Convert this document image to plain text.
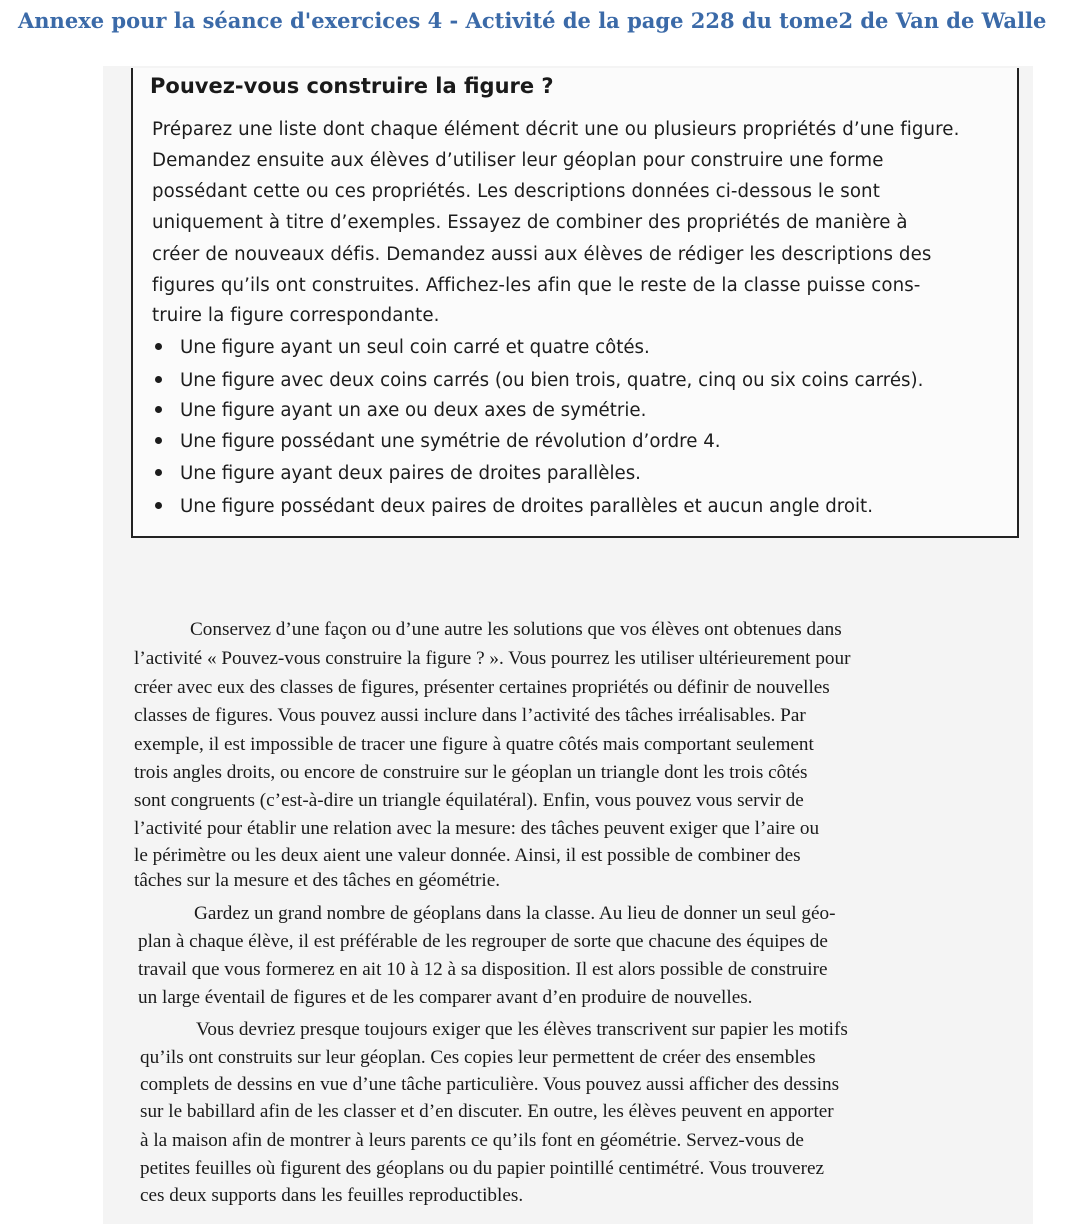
Annexe pour la séance d'exercices 4 - Activité de la page 228 du tome2 de Van de Walle
Pouvez-vous construire la figure ?
Préparez une liste dont chaque élément décrit une ou plusieurs propriétés d’une figure.
Demandez ensuite aux élèves d’utiliser leur géoplan pour construire une forme
possédant cette ou ces propriétés. Les descriptions données ci-dessous le sont
uniquement à titre d’exemples. Essayez de combiner des propriétés de manière à
créer de nouveaux défis. Demandez aussi aux élèves de rédiger les descriptions des
figures qu’ils ont construites. Affichez-les afin que le reste de la classe puisse cons-
truire la figure correspondante.
Une figure ayant un seul coin carré et quatre côtés.
Une figure avec deux coins carrés (ou bien trois, quatre, cinq ou six coins carrés).
Une figure ayant un axe ou deux axes de symétrie.
Une figure possédant une symétrie de révolution d’ordre 4.
Une figure ayant deux paires de droites parallèles.
Une figure possédant deux paires de droites parallèles et aucun angle droit.
Conservez d’une façon ou d’une autre les solutions que vos élèves ont obtenues dans
l’activité « Pouvez-vous construire la figure ? ». Vous pourrez les utiliser ultérieurement pour
créer avec eux des classes de figures, présenter certaines propriétés ou définir de nouvelles
classes de figures. Vous pouvez aussi inclure dans l’activité des tâches irréalisables. Par
exemple, il est impossible de tracer une figure à quatre côtés mais comportant seulement
trois angles droits, ou encore de construire sur le géoplan un triangle dont les trois côtés
sont congruents (c’est-à-dire un triangle équilatéral). Enfin, vous pouvez vous servir de
l’activité pour établir une relation avec la mesure: des tâches peuvent exiger que l’aire ou
le périmètre ou les deux aient une valeur donnée. Ainsi, il est possible de combiner des
tâches sur la mesure et des tâches en géométrie.
Gardez un grand nombre de géoplans dans la classe. Au lieu de donner un seul géo-
plan à chaque élève, il est préférable de les regrouper de sorte que chacune des équipes de
travail que vous formerez en ait 10 à 12 à sa disposition. Il est alors possible de construire
un large éventail de figures et de les comparer avant d’en produire de nouvelles.
Vous devriez presque toujours exiger que les élèves transcrivent sur papier les motifs
qu’ils ont construits sur leur géoplan. Ces copies leur permettent de créer des ensembles
complets de dessins en vue d’une tâche particulière. Vous pouvez aussi afficher des dessins
sur le babillard afin de les classer et d’en discuter. En outre, les élèves peuvent en apporter
à la maison afin de montrer à leurs parents ce qu’ils font en géométrie. Servez-vous de
petites feuilles où figurent des géoplans ou du papier pointillé centimétré. Vous trouverez
ces deux supports dans les feuilles reproductibles.
